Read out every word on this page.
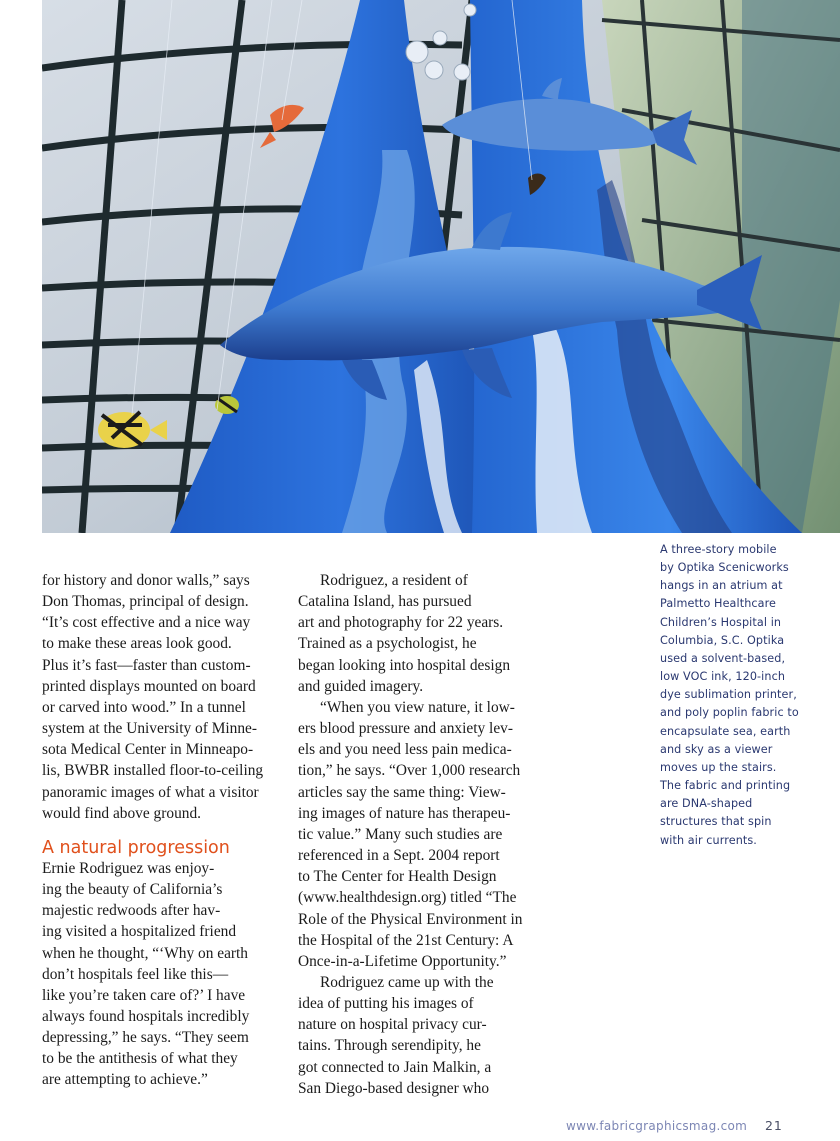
A three-story mobile
by Optika Scenicworks
hangs in an atrium at
Palmetto Healthcare
Children’s Hospital in
Columbia, S.C. Optika
used a solvent-based,
low VOC ink, 120-inch
dye sublimation printer,
and poly poplin fabric to
encapsulate sea, earth
and sky as a viewer
moves up the stairs.
The fabric and printing
are DNA-shaped
structures that spin
with air currents.
for history and donor walls,” says
Don Thomas, principal of design.
“It’s cost effective and a nice way
to make these areas look good.
Plus it’s fast—faster than custom-
printed displays mounted on board
or carved into wood.” In a tunnel
system at the University of Minne-
sota Medical Center in Minneapo-
lis, BWBR installed floor-to-ceiling
panoramic images of what a visitor
would find above ground.
A natural progression
Ernie Rodriguez was enjoy-
ing the beauty of California’s
majestic redwoods after hav-
ing visited a hospitalized friend
when he thought, “‘Why on earth
don’t hospitals feel like this—
like you’re taken care of?’ I have
always found hospitals incredibly
depressing,” he says. “They seem
to be the antithesis of what they
are attempting to achieve.”
Rodriguez, a resident of
Catalina Island, has pursued
art and photography for 22 years.
Trained as a psychologist, he
began looking into hospital design
and guided imagery.
“When you view nature, it low-
ers blood pressure and anxiety lev-
els and you need less pain medica-
tion,” he says. “Over 1,000 research
articles say the same thing: View-
ing images of nature has therapeu-
tic value.” Many such studies are
referenced in a Sept. 2004 report
to The Center for Health Design
(www.healthdesign.org) titled “The
Role of the Physical Environment in
the Hospital of the 21st Century: A
Once-in-a-Lifetime Opportunity.”
Rodriguez came up with the
idea of putting his images of
nature on hospital privacy cur-
tains. Through serendipity, he
got connected to Jain Malkin, a
San Diego-based designer who
www.fabricgraphicsmag.com 21
